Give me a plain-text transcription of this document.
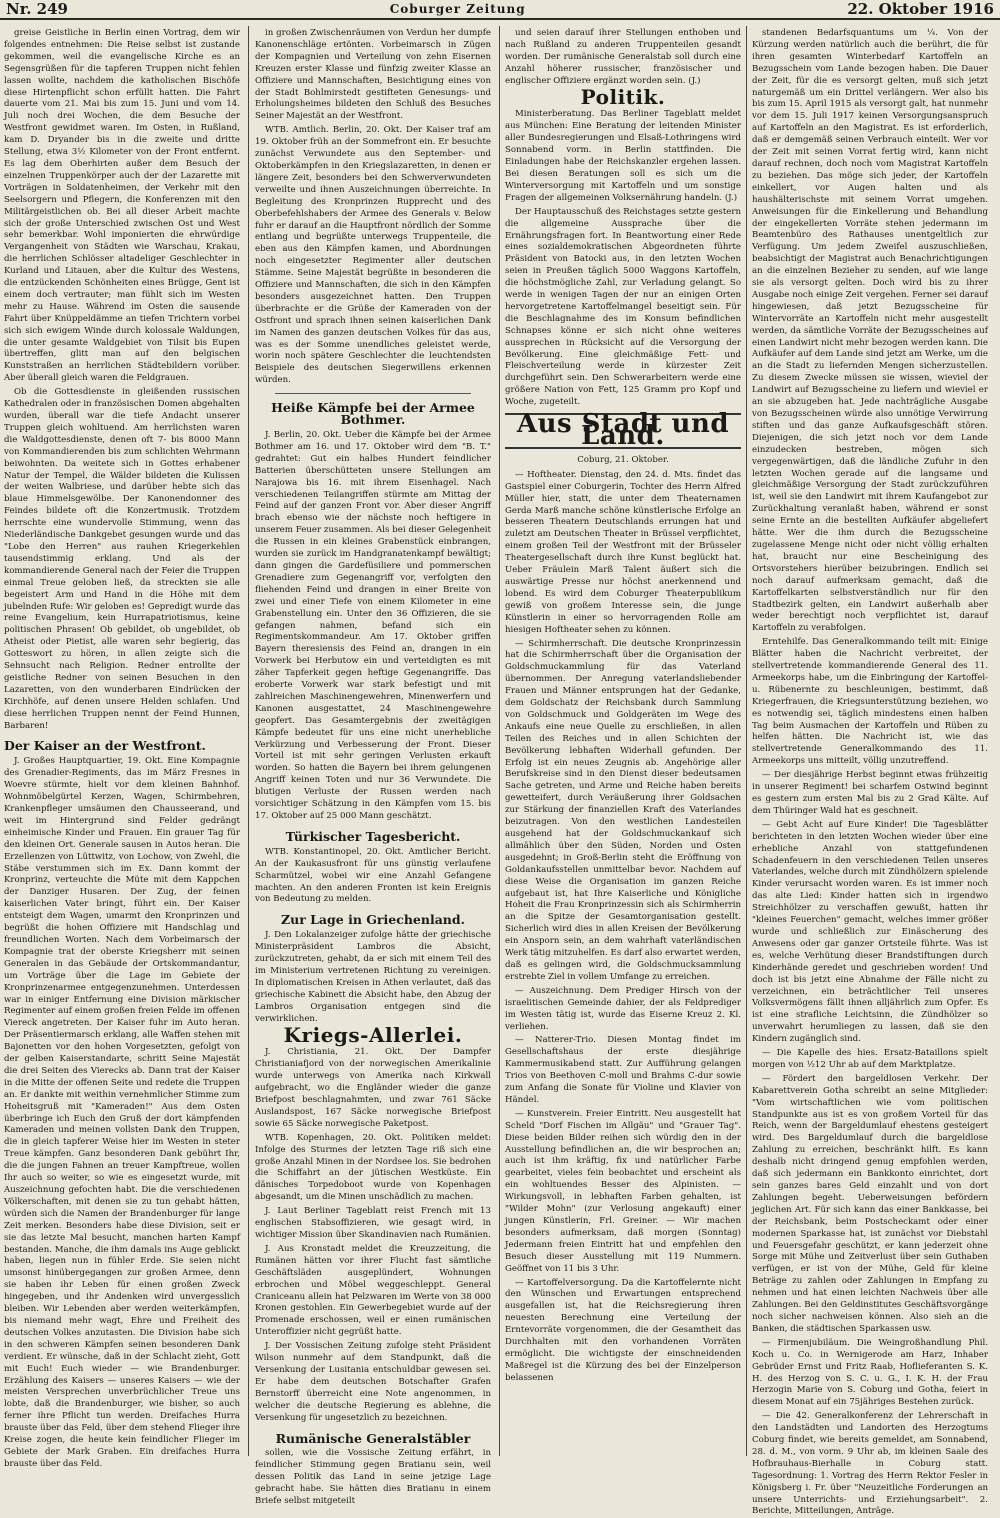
Nr. 249	Coburger Zeitung	22. Oktober 1916

greise Geistliche in Berlin einen Vortrag, dem wir folgendes entnehmen: Die Reise selbst ist zustande gekommen, weil die evangelische Kirche es an Segensgrüßen für die tapferen Truppen nicht fehlen lassen wollte, nachdem die katholischen Bischöfe diese Hirtenpflicht schon erfüllt hatten. Die Fahrt dauerte vom 21. Mai bis zum 15. Juni und vom 14. Juli noch drei Wochen, die dem Besuche der Westfront gewidmet waren. Im Osten, in Rußland, kam D. Dryander bis in die zweite und dritte Stellung, etwa 3½ Kilometer von der Front entfernt. Es lag dem Oberhirten außer dem Besuch der einzelnen Truppenkörper auch der der Lazarette mit Vorträgen in Soldatenheimen, der Verkehr mit den Seelsorgern und Pflegern, die Konferenzen mit den Militärgeistlichen ob. Bei all dieser Arbeit machte sich der große Unterschied zwischen Ost und West sehr bemerkbar. Wohl imponierten die ehrwürdige Vergangenheit von Städten wie Warschau, Krakau, die herrlichen Schlösser altadeliger Geschlechter in Kurland und Litauen, aber die Kultur des Westens, die entzückenden Schönheiten eines Brügge, Gent ist einem doch vertrauter; man fühlt sich im Westen mehr zu Hause. Während im Osten die sausende Fahrt über Knüppeldämme an tiefen Trichtern vorbei sich sich ewigem Winde durch kolossale Waldungen, die unter gesamte Waldgebiet von Tilsit bis Eupen übertreffen, glitt man auf den belgischen Kunststraßen an herrlichen Städtebildern vorüber. Aber überall gleich waren die Feldgrauen.

Ob die Gottesdienste in gleißenden russischen Kathedralen oder in französischen Domen abgehalten wurden, überall war die tiefe Andacht unserer Truppen gleich wohltuend. Am herrlichsten waren die Waldgottesdienste, denen oft 7- bis 8000 Mann von Kommandierenden bis zum schlichten Wehrmann beiwohnten. Da weitete sich in Gottes erhabener Natur der Tempel, die Wälder bildeten die Kulissen der weiten Walbriese, und darüber hebte sich das blaue Himmelsgewölbe. Der Kanonendonner des Feindes bildete oft die Konzertmusik. Trotzdem herrschte eine wundervolle Stimmung, wenn das Niederländische Dankgebet gesungen wurde und das "Lobe den Herren" aus rauhen Kriegerkehlen tausendstimmig erklang. Und als der kommandierende General nach der Feier die Truppen einmal Treue geloben ließ, da streckten sie alle begeistert Arm und Hand in die Höhe mit dem jubelnden Rufe: Wir geloben es! Gepredigt wurde das reine Evangelium, kein Hurrapatriotismus, keine politischen Phrasen! Ob gebildet, ob ungebildet, ob Atheist oder Pietist, alle waren sehr begierig, das Gotteswort zu hören, in allen zeigte sich die Sehnsucht nach Religion. Redner entrollte der geistliche Redner von seinen Besuchen in den Lazaretten, von den wunderbaren Eindrücken der Kirchhöfe, auf denen unsere Helden schlafen. Und diese herrlichen Truppen nennt der Feind Hunnen, Barbaren!

Der Kaiser an der Westfront.

J. Großes Hauptquartier, 19. Okt. Eine Kompagnie des Grenadier-Regiments, das im März Fresnes in Woevre stürmte, hielt vor dem kleinen Bahnhof. Wohnmöbelgürtel Kerzen, Wagen, Schirmbehren, Krankenpfleger umsäumen den Chausseerand, und weit im Hintergrund sind Felder gedrängt einheimische Kinder und Frauen. Ein grauer Tag für den kleinen Ort. Generale sausen in Autos heran. Die Erzellenzen von Lüttwitz, von Lochow, von Zwehl, die Stäbe verstummen sich im Ex. Dann kommt der Kronprinz, verteuchte die Müte mit dem Kappchen der Danziger Husaren. Der Zug, der feinen kaiserlichen Vater bringt, führt ein. Der Kaiser entsteigt dem Wagen, umarmt den Kronprinzen und begrüßt die hohen Offiziere mit Handschlag und freundlichen Worten. Nach dem Vorbeimarsch der Kompagnie trat der oberste Kriegsherr mit seinen Generalen in das Gebäude der Ortskommandantur, um Vorträge über die Lage im Gebiete der Kronprinzenarmee entgegenzunehmen. Unterdessen war in einiger Entfernung eine Division märkischer Regimenter auf einem großen freien Felde im offenen Viereck angetreten. Der Kaiser fuhr im Auto heran. Der Präsentiermarsch erklang, alle Waffen stehen mit Bajonetten vor den hohen Vorgesetzten, gefolgt von der gelben Kaiserstandarte, schritt Seine Majestät die drei Seiten des Vierecks ab. Dann trat der Kaiser in die Mitte der offenen Seite und redete die Truppen an. Er dankte mit weithin vernehmlicher Stimme zum Hoheitsgruß mit "Kameraden!" Aus dem Osten überbringe ich Euch den Gruß der dort kämpfenden Kameraden und meinen vollsten Dank den Truppen, die in gleich tapferer Weise hier im Westen in steter Treue kämpfen. Ganz besonderen Dank gebührt Ihr, die die jungen Fahnen an treuer Kampftreue, wollen Ihr auch so weiter, so wie es eingesetzt wurde, mit Auszeichnung gefochten habt. Die die verschiedenen Völkerschaften, mit denen sie zu tun gehabt hätten, würden sich die Namen der Brandenburger für lange Zeit merken. Besonders habe diese Division, seit er sie das letzte Mal besucht, manchen harten Kampf bestanden. Manche, die ihm damals ins Auge geblickt haben, liegen nun in fühler Erde. Sie seien nicht umsonst hinübergegangen zur großen Armee, denn sie haben ihr Leben für einen großen Zweck hingegeben, und ihr Andenken wird unvergesslich bleiben. Wir Lebenden aber werden weiterkämpfen, bis niemand mehr wagt, Ehre und Freiheit des deutschen Volkes anzutasten. Die Division habe sich in den schweren Kämpfen seinen besonderen Dank verdient. Er wünsche, daß in der Schlacht zieht, Gott mit Euch! Euch wieder — wie Brandenburger. Erzählung des Kaisers — unseres Kaisers — wie der meisten Versprechen unverbrüchlicher Treue uns lobte, daß die Brandenburger, wie bisher, so auch ferner ihre Pflicht tun werden. Dreifaches Hurra brauste über das Feld, über dem stehend Flieger ihre Kreise zogen, die heute kein feindlicher Flieger im Gebiete der Mark Graben. Ein dreifaches Hurra brauste über das Feld.

in großen Zwischenräumen von Verdun her dumpfe Kanonenschläge ertönten. Vorbeimarsch in Zügen der Kompagnien und Verteilung von zehn Eisernen Kreuzen erster Klasse und fünfzig zweiter Klasse an Offiziere und Mannschaften, Besichtigung eines von der Stadt Bohlmirstedt gestifteten Genesungs- und Erholungsheimes bildeten den Schluß des Besuches Seiner Majestät an der Westfront.

WTB. Amtlich. Berlin, 20. Okt. Der Kaiser traf am 19. Oktober früh an der Sommefront ein. Er besuchte zunächst Verwundete aus den September- und Oktoberkämpfen in den Kriegslazaretten, in denen er längere Zeit, besonders bei den Schwerverwundeten verweilte und ihnen Auszeichnungen überreichte. In Begleitung des Kronprinzen Rupprecht und des Oberbefehlshabers der Armee des Generals v. Below fuhr er darauf an die Hauptfront nördlich der Somme entlang und begrüßte unterwegs Truppenteile, die eben aus den Kämpfen kamen, und Abordnungen noch eingesetzter Regimenter aller deutschen Stämme. Seine Majestät begrüßte in besonderen die Offiziere und Mannschaften, die sich in den Kämpfen besonders ausgezeichnet hatten. Den Truppen überbrachte er die Grüße der Kameraden von der Ostfront und sprach ihnen seinen kaiserlichen Dank im Namen des ganzen deutschen Volkes für das aus, was es der Somme unendliches geleistet werde, worin noch spätere Geschlechter die leuchtendsten Beispiele des deutschen Siegerwillens erkennen würden.

Heiße Kämpfe bei der Armee Bothmer.

J. Berlin, 20. Okt. Ueber die Kämpfe bei der Armee Bothmer am 16. und 17. Oktober wird dem "B. T." gedrahtet: Gut ein halbes Hundert feindlicher Batterien überschütteten unsere Stellungen am Narajowa bis 16. mit ihrem Eisenhagel. Nach verschiedenen Teilangriffen stürmte am Mittag der Feind auf der ganzen Front vor. Aber dieser Angriff brach ebenso wie der nächste noch heftigere in unserem Feuer zusammen. Als bei dieser Gelegenheit die Russen in ein kleines Grabenstück einbrangen, wurden sie zurück im Handgranatenkampf bewältigt; dann gingen die Gardefüsiliere und pommerschen Grenadiere zum Gegenangriff vor, verfolgten den fliehenden Feind und drangen in einer Breite von zwei und einer Tiefe von einem Kilometer in eine Grabenstellung ein. Unter den 36 Offizieren, die sie gefangen nahmen, befand sich ein Regimentskommandeur. Am 17. Oktober griffen Bayern theresiensis des Feind an, drangen in ein Vorwerk bei Herbutow ein und verteidigten es mit zäher Tapferkeit gegen heftige Gegenangriffe. Das eroberte Vorwerk war stark befestigt und mit zahlreichen Maschinengewehren, Minenwerfern und Kanonen ausgestattet, 24 Maschinengewehre geopfert. Das Gesamtergebnis der zweitägigen Kämpfe bedeutet für uns eine nicht unerhebliche Verkürzung und Verbesserung der Front. Dieser Vorteil ist mit sehr geringen Verlusten erkauft worden. So hatten die Bayern bei ihrem gelungenen Angriff keinen Toten und nur 36 Verwundete. Die blutigen Verluste der Russen werden nach vorsichtiger Schätzung in den Kämpfen vom 15. bis 17. Oktober auf 25 000 Mann geschätzt.

Türkischer Tagesbericht.

WTB. Konstantinopel, 20. Okt. Amtlicher Bericht. An der Kaukasusfront für uns günstig verlaufene Scharmützel, wobei wir eine Anzahl Gefangene machten. An den anderen Fronten ist kein Ereignis von Bedeutung zu melden.

Zur Lage in Griechenland.

J. Den Lokalanzeiger zufolge hätte der griechische Ministerpräsident Lambros die Absicht, zurückzutreten, gehabt, da er sich mit einem Teil des im Ministerium vertretenen Richtung zu vereinigen. In diplomatischen Kreisen in Athen verlautet, daß das griechische Kabinett die Absicht habe, den Abzug der Lambros Organisation entgegen sind die verwirklichen.

Kriegs-Allerlei.

J. Christiania, 21. Okt. Der Dampfer Christianiafjord von der norwegischen Amerikalinie wurde unterwegs von Amerika nach Kirkwall aufgebracht, wo die Engländer wieder die ganze Briefpost beschlagnahmten, und zwar 761 Säcke Auslandspost, 167 Säcke norwegische Briefpost sowie 65 Säcke norwegische Paketpost.

WTB. Kopenhagen, 20. Okt. Politiken meldet: Infolge des Sturmes der letzten Tage riß sich eine große Anzahl Minen in der Nordsee los. Sie bedrohen die Schiffahrt an der jütischen Westküste. Ein dänisches Torpedoboot wurde von Kopenhagen abgesandt, um die Minen unschädlich zu machen.

J. Laut Berliner Tageblatt reist French mit 13 englischen Stabsoffizieren, wie gesagt wird, in wichtiger Mission über Skandinavien nach Rumänien.

J. Aus Kronstadt meldet die Kreuzzeitung, die Rumänen hätten vor ihrer Flucht fast sämtliche Geschäftsläden ausgeplündert, Wohnungen erbrochen und Möbel weggeschleppt. General Craniceanu allein hat Pelzwaren im Werte von 38 000 Kronen gestohlen. Ein Gewerbegebiet wurde auf der Promenade erschossen, weil er einen rumänischen Unteroffizier nicht gegrüßt hatte.

J. Der Vossischen Zeitung zufolge steht Präsident Wilson nunmehr auf dem Standpunkt, daß die Versenkung der Lusitania entschuldbar gewesen sei. Er habe dem deutschen Botschafter Grafen Bernstorff überreicht eine Note angenommen, in welcher die deutsche Regierung es ablehne, die Versenkung für ungesetzlich zu bezeichnen.

Rumänische Generalstäbler

sollen, wie die Vossische Zeitung erfährt, in feindlicher Stimmung gegen Bratianu sein, weil dessen Politik das Land in seine jetzige Lage gebracht habe. Sie hätten dies Bratianu in einem Briefe selbst mitgeteilt

und seien darauf ihrer Stellungen enthoben und nach Rußland zu anderen Truppenteilen gesandt worden. Der rumänische Generalstab soll durch eine Anzahl höherer russischer, französischer und englischer Offiziere ergänzt worden sein. (J.)

Politik.

Ministerberatung. Das Berliner Tageblatt meldet aus München: Eine Beratung der leitenden Minister aller Bundesregierungen und Elsaß-Lothringens wird Sonnabend vorm. in Berlin stattfinden. Die Einladungen habe der Reichskanzler ergehen lassen. Bei diesen Beratungen soll es sich um die Winterversorgung mit Kartoffeln und um sonstige Fragen der allgemeinen Volksernährung handeln. (J.)

Der Hauptausschuß des Reichstages setzte gestern die allgemeine Aussprache über die Ernährungsfragen fort. In Beantwortung einer Rede eines sozialdemokratischen Abgeordneten führte Präsident von Batocki aus, in den letzten Wochen seien in Preußen täglich 5000 Waggons Kartoffeln, die höchstmögliche Zahl, zur Verladung gelangt. So werde in wenigen Tagen der nur an einigen Orten hervorgetretene Kartoffelmangel beseitigt sein. Für die Beschlagnahme des im Konsum befindlichen Schnapses könne er sich nicht ohne weiteres aussprechen in Rücksicht auf die Versorgung der Bevölkerung. Eine gleichmäßige Fett- und Fleischverteilung werde in kürzester Zeit durchgeführt sein. Den Schwerarbeitern werde eine größere Nation von Fett, 125 Gramm pro Kopf und Woche, zugeteilt.

Aus Stadt und Land.
Coburg, 21. Oktober.

— Hoftheater. Dienstag, den 24. d. Mts. findet das Gastspiel einer Coburgerin, Tochter des Herrn Alfred Müller hier, statt, die unter dem Theaternamen Gerda Marß manche schöne künstlerische Erfolge an besseren Theatern Deutschlands errungen hat und zuletzt am Deutschen Theater in Brüssel verpflichtet, einem großen Teil der Westfront mit der Brüsseler Theatergesellschaft durch ihre Kunst beglückt hat. Ueber Fräulein Marß Talent äußert sich die auswärtige Presse nur höchst anerkennend und lobend. Es wird dem Coburger Theaterpublikum gewiß von großem Interesse sein, die junge Künstlerin in einer so hervorragenden Rolle am hiesigen Hoftheater sehen zu können.

— Schirmherrschaft. Die deutsche Kronprinzessin hat die Schirmherrschaft über die Organisation der Goldschmuckammlung für das Vaterland übernommen. Der Anregung vaterlandsliebender Frauen und Männer entsprungen hat der Gedanke, dem Goldschatz der Reichsbank durch Sammlung von Goldschmuck und Goldgeräten im Wege des Ankaufs eine neue Quelle zu erschließen, in allen Teilen des Reiches und in allen Schichten der Bevölkerung lebhaften Widerhall gefunden. Der Erfolg ist ein neues Zeugnis ab. Angehörige aller Berufskreise sind in den Dienst dieser bedeutsamen Sache getreten, und Arme und Reiche haben bereits gewetteifert, durch Veräußerung ihrer Goldsachen zur Stärkung der finanziellen Kraft des Vaterlandes beizutragen. Von den westlichen Landesteilen ausgehend hat der Goldschmuckankauf sich allmählich über den Süden, Norden und Osten ausgedehnt; in Groß-Berlin steht die Eröffnung von Goldankaufsstellen unmittelbar bevor. Nachdem auf diese Weise die Organisation im ganzen Reiche aufgebaut ist, hat Ihre Kaiserliche und Königliche Hoheit die Frau Kronprinzessin sich als Schirmherrin an die Spitze der Gesamtorganisation gestellt. Sicherlich wird dies in allen Kreisen der Bevölkerung ein Ansporn sein, an dem wahrhaft vaterländischen Werk tätig mitzuhelfen. Es darf also erwartet werden, daß es gelingen wird, die Goldschmucksammlung erstrebte Ziel in vollem Umfange zu erreichen.

— Auszeichnung. Dem Prediger Hirsch von der israelitischen Gemeinde dahier, der als Feldprediger im Westen tätig ist, wurde das Eiserne Kreuz 2. Kl. verliehen.

— Natterer-Trio. Diesen Montag findet im Gesellschaftshaus der erste diesjährige Kammermusikabend statt. Zur Aufführung gelangen Trios von Beethoven C-moll und Brahms C-dur sowie zum Anfang die Sonate für Violine und Klavier von Händel.

— Kunstverein. Freier Eintritt. Neu ausgestellt hat Scheld "Dorf Fischen im Allgäu" und "Grauer Tag". Diese beiden Bilder reihen sich würdig den in der Ausstellung befindlichen an, die wir besprochen an; auch ist ihm kräftig, fix und natürlicher Farbe gearbeitet, vieles fein beobachtet und erscheint als ein wohltuendes Besser des Alpinisten. — Wirkungsvoll, in lebhaften Farben gehalten, ist "Wilder Mohn" (zur Verlosung angekauft) einer jungen Künstlerin, Frl. Greiner. — Wir machen besonders aufmerksam, daß morgen (Sonntag) Jedermann freien Eintritt hat und empfehlen den Besuch dieser Ausstellung mit 119 Nummern. Geöffnet von 11 bis 3 Uhr.

— Kartoffelversorgung. Da die Kartoffelernte nicht den Wünschen und Erwartungen entsprechend ausgefallen ist, hat die Reichsregierung ihren neuesten Berechnung eine Verteilung der Erntevorräte vorgenommen, die der Gesamtheit das Durchhalten mit den vorhandenen Vorräten ermöglicht. Die wichtigste der einschneidenden Maßregel ist die Kürzung des bei der Einzelperson belassenen

standenen Bedarfsquantums um ¼. Von der Kürzung werden natürlich auch die berührt, die für ihren gesamten Winterbedarf Kartoffeln an Bezugsschein vom Lande bezogen haben. Die Dauer der Zeit, für die es versorgt gelten, muß sich jetzt naturgemäß um ein Drittel verlängern. Wer also bis bis zum 15. April 1915 als versorgt galt, hat nunmehr vor dem 15. Juli 1917 keinen Versorgungsanspruch auf Kartoffeln an den Magistrat. Es ist erforderlich, daß er demgemäß seinen Verbrauch einteilt. Wer vor der Zeit mit seinen Vorrat fertig wird, kann nicht darauf rechnen, doch noch vom Magistrat Kartoffeln zu beziehen. Das möge sich jeder, der Kartoffeln einkellert, vor Augen halten und als haushälterischste mit seinem Vorrat umgehen. Anweisungen für die Einkellerung und Behandlung der eingekellerten Vorräte stehen jedermann im Beamtenbüro des Rathauses unentgeltlich zur Verfügung. Um jedem Zweifel auszuschließen, beabsichtigt der Magistrat auch Benachrichtigungen an die einzelnen Bezieher zu senden, auf wie lange sie als versorgt gelten. Doch wird bis zu ihrer Ausgabe noch einige Zeit vergehen. Ferner sei darauf hingewiesen, daß jetzt Bezugsscheine für Wintervorräte an Kartoffeln nicht mehr ausgestellt werden, da sämtliche Vorräte der Bezugsscheines auf einen Landwirt nicht mehr bezogen werden kann. Die Aufkäufer auf dem Lande sind jetzt am Werke, um die an die Stadt zu liefernden Mengen sicherzustellen. Zu diesem Zwecke müssen sie wissen, wieviel der Landwirt auf Bezugsscheine zu liefern und wieviel er an sie abzugeben hat. Jede nachträgliche Ausgabe von Bezugsscheinen würde also unnötige Verwirrung stiften und das ganze Aufkaufsgeschäft stören. Diejenigen, die sich jetzt noch vor dem Lande einzudecken bestreben, mögen sich vergegenwärtigen, daß die ländliche Zufuhr in den letzten Wochen gerade auf die langsame und gleichmäßige Versorgung der Stadt zurückzuführen ist, weil sie den Landwirt mit ihrem Kaufangebot zur Zurückhaltung veranlaßt haben, während er sonst seine Ernte an die bestellten Aufkäufer abgeliefert hätte. Wer die ihm durch die Bezugsscheine zugelassene Menge nicht oder nicht völlig erhalten hat, braucht nur eine Bescheinigung des Ortsvorstehers hierüber beizubringen. Endlich sei noch darauf aufmerksam gemacht, daß die Kartoffelkarten selbstverständlich nur für den Stadtbezirk gelten, ein Landwirt außerhalb aber weder berechtigt noch verpflichtet ist, darauf Kartoffeln zu verabfolgen.

Erntehilfe. Das Generalkommando teilt mit: Einige Blätter haben die Nachricht verbreitet, der stellvertretende kommandierende General des 11. Armeekorps habe, um die Einbringung der Kartoffel- u. Rübenernte zu beschleunigen, bestimmt, daß Kriegerfrauen, die Kriegsunterstützung beziehen, wo es notwendig sei, täglich mindestens einen halben Tag beim Ausmachen der Kartoffeln und Rüben zu helfen hätten. Die Nachricht ist, wie das stellvertretende Generalkommando des 11. Armeekorps uns mitteilt, völlig unzutreffend.

— Der diesjährige Herbst beginnt etwas frühzeitig in unserer Regiment! bei scharfem Ostwind beginnt es gestern zum ersten Mal bis zu 2 Grad Kälte. Auf dem Thüringer Wald hat es geschneit.

— Gebt Acht auf Eure Kinder! Die Tagesblätter berichteten in den letzten Wochen wieder über eine erhebliche Anzahl von stattgefundenen Schadenfeuern in den verschiedenen Teilen unseres Vaterlandes, welche durch mit Zündhölzern spielende Kinder verursacht worden waren. Es ist immer noch das alte Lied: Kinder hatten sich in irgendwo Streichhölzer zu verschaffen gewußt, hatten ihr "kleines Feuerchen" gemacht, welches immer größer wurde und schließlich zur Einäscherung des Anwesens oder gar ganzer Ortsteile führte. Was ist es, welche Verhütung dieser Brandstiftungen durch Kinderhände geredet und geschrieben worden! Und doch ist bis jetzt eine Abnahme der Fälle nicht zu verzeichnen, ein beträchtlicher Teil unseres Volksvermögens fällt ihnen alljährlich zum Opfer. Es ist eine strafliche Leichtsinn, die Zündhölzer so unverwahrt herumliegen zu lassen, daß sie den Kindern zugänglich sind.

— Die Kapelle des hies. Ersatz-Bataillons spielt morgen von ½12 Uhr ab auf dem Marktplatze.

— Fördert den bargeldlosen Verkehr. Der Kabarettverein Gotha schreibt an seine Mitglieder: "Vom wirtschaftlichen wie vom politischen Standpunkte aus ist es von großem Vorteil für das Reich, wenn der Bargeldumlauf ehestens gesteigert wird. Des Bargeldumlauf durch die bargeldlose Zahlung zu erreichen, beschränkt hilft. Es kann deshalb nicht dringend genug empfohlen werden, daß sich jedermann ein Bankkonto einrichtet, dort sein ganzes bares Geld einzahlt und von dort Zahlungen begeht. Ueberweisungen befördern jeglichen Art. Für sich kann das einer Bankkasse, bei der Reichsbank, beim Postscheckamt oder einer modernen Sparkasse hat, ist zunächst vor Diebstahl und Feuersgefahr geschützt, er kann jederzeit ohne Sorge mit Mühe und Zeitverlust über sein Guthaben verfügen, er ist von der Mühe, Geld für kleine Beträge zu zahlen oder Zahlungen in Empfang zu nehmen und hat einen leichten Nachweis über alle Zahlungen. Bei den Geldinstitutes Geschäftsvorgänge noch sicher nachweisen können. Also sieh an die Banken, die städtischen Sparkassen usw.

— Firmenjubiläum. Die Weingroßhandlung Phil. Koch u. Co. in Wernigerode am Harz, Inhaber Gebrüder Ernst und Fritz Raab, Hoflieferanten S. K. H. des Herzog von S. C. u. G., I. K. H. der Frau Herzogin Marie von S. Coburg und Gotha, feiert in diesem Monat auf ein 75jähriges Bestehen zurück.

— Die 42. Generalkonferenz der Lehrerschaft in den Landstädten und Landorten des Herzogtums Coburg findet, wie bereits gemeldet, am Sonnabend, 28. d. M., von vorm. 9 Uhr ab, im kleinen Saale des Hofbrauhaus-Bierhalle in Coburg statt. Tagesordnung: 1. Vortrag des Herrn Rektor Fesler in Königsberg i. Fr. über "Neuzeitliche Forderungen an unsere Unterrichts- und Erziehungsarbeit". 2. Berichte, Mitteilungen, Anträge.
